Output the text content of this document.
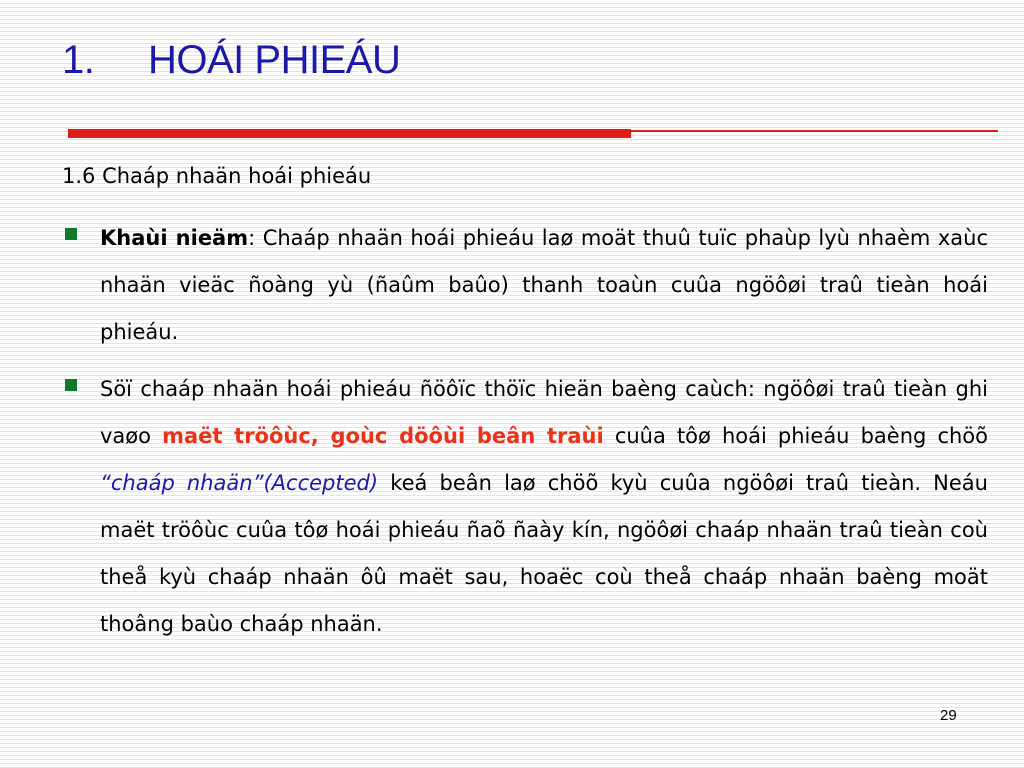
1. HOÁI PHIEÁU
1.6 Chaáp nhaän hoái phieáu
Khaùi nieäm: Chaáp nhaän hoái phieáu laø moät thuû tuïc phaùp lyù nhaèm xaùc nhaän vieäc ñoàng yù (ñaûm baûo) thanh toaùn cuûa ngöôøi traû tieàn hoái phieáu.
Söï chaáp nhaän hoái phieáu ñöôïc thöïc hieän baèng caùch: ngöôøi traû tieàn ghi vaøo maët tröôùc, goùc döôùi beân traùi cuûa tôø hoái phieáu baèng chöõ “chaáp nhaän”(Accepted) keá beân laø chöõ kyù cuûa ngöôøi traû tieàn. Neáu maët tröôùc cuûa tôø hoái phieáu ñaõ ñaày kín, ngöôøi chaáp nhaän traû tieàn coù theå kyù chaáp nhaän ôû maët sau, hoaëc coù theå chaáp nhaän baèng moät thoâng baùo chaáp nhaän.
29
